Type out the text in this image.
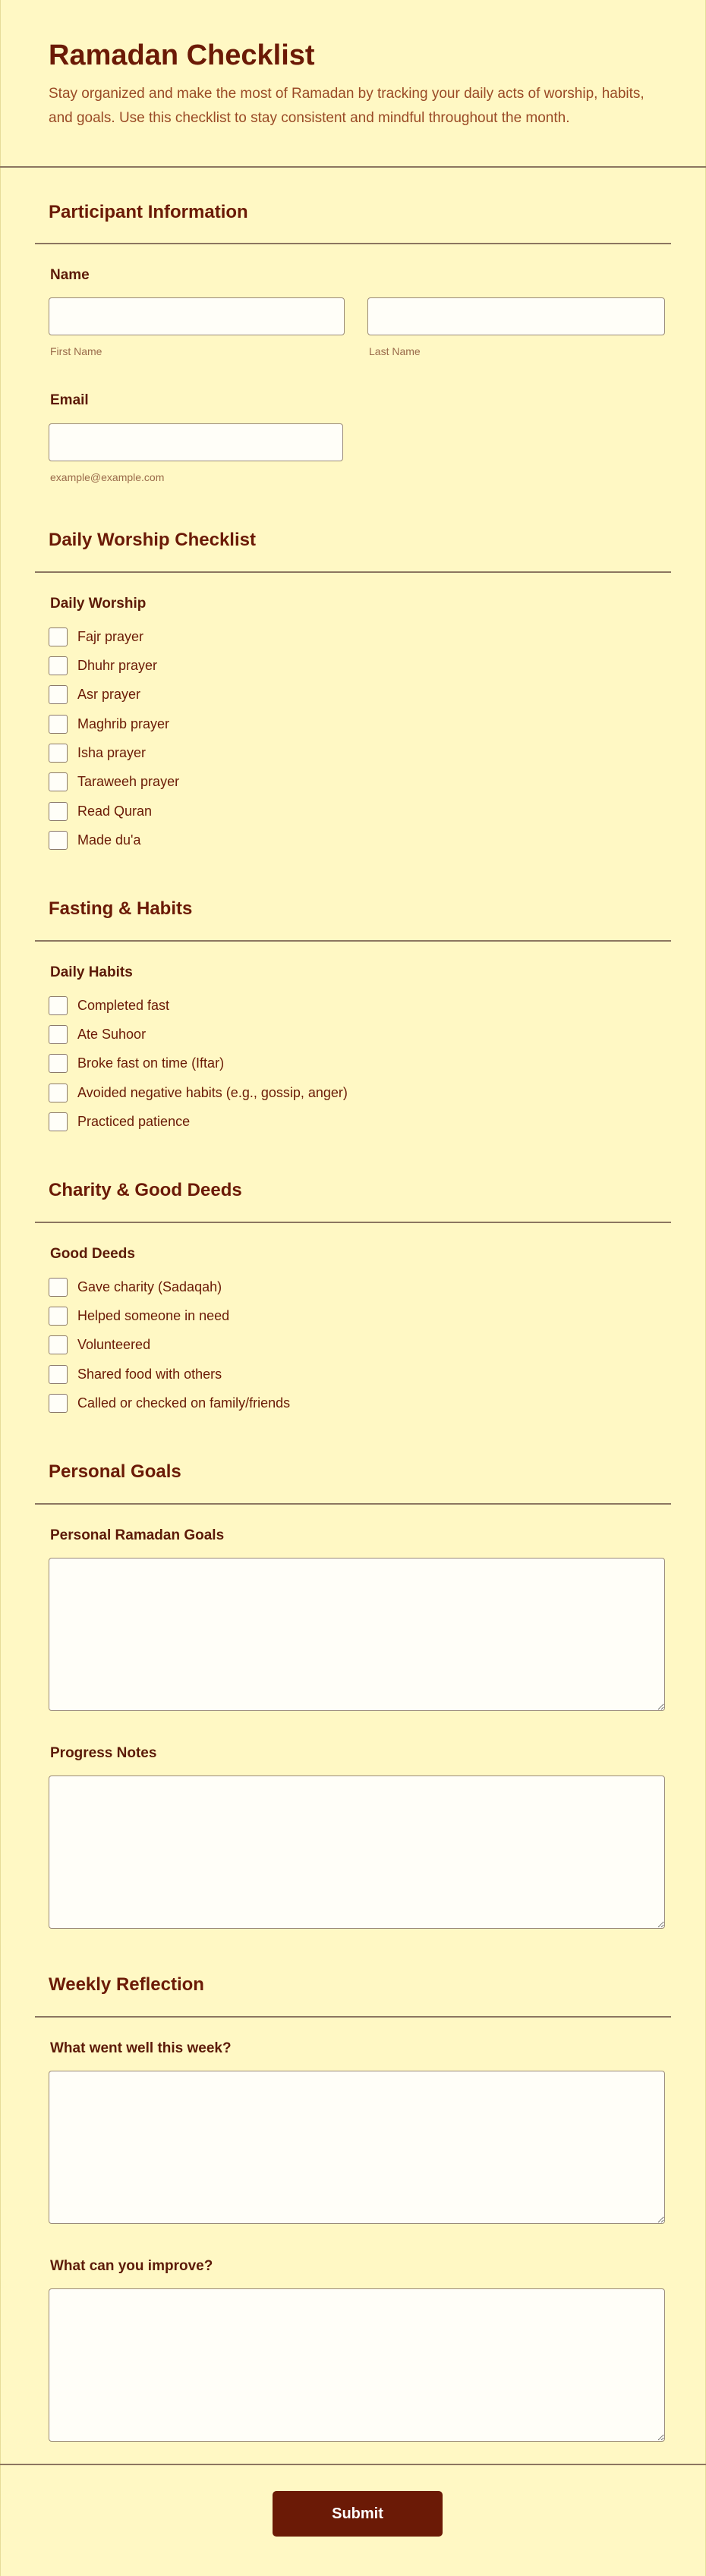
Ramadan Checklist

Stay organized and make the most of Ramadan by tracking your daily acts of worship, habits, and goals. Use this checklist to stay consistent and mindful throughout the month.

Participant Information
Name
First Name	Last Name
Email
example@example.com
Daily Worship Checklist
Daily Worship
Fajr prayer
Dhuhr prayer
Asr prayer
Maghrib prayer
Isha prayer
Taraweeh prayer
Read Quran
Made du'a
Fasting & Habits
Daily Habits
Completed fast
Ate Suhoor
Broke fast on time (Iftar)
Avoided negative habits (e.g., gossip, anger)
Practiced patience
Charity & Good Deeds
Good Deeds
Gave charity (Sadaqah)
Helped someone in need
Volunteered
Shared food with others
Called or checked on family/friends
Personal Goals
Personal Ramadan Goals
Progress Notes
Weekly Reflection
What went well this week?
What can you improve?
Submit
